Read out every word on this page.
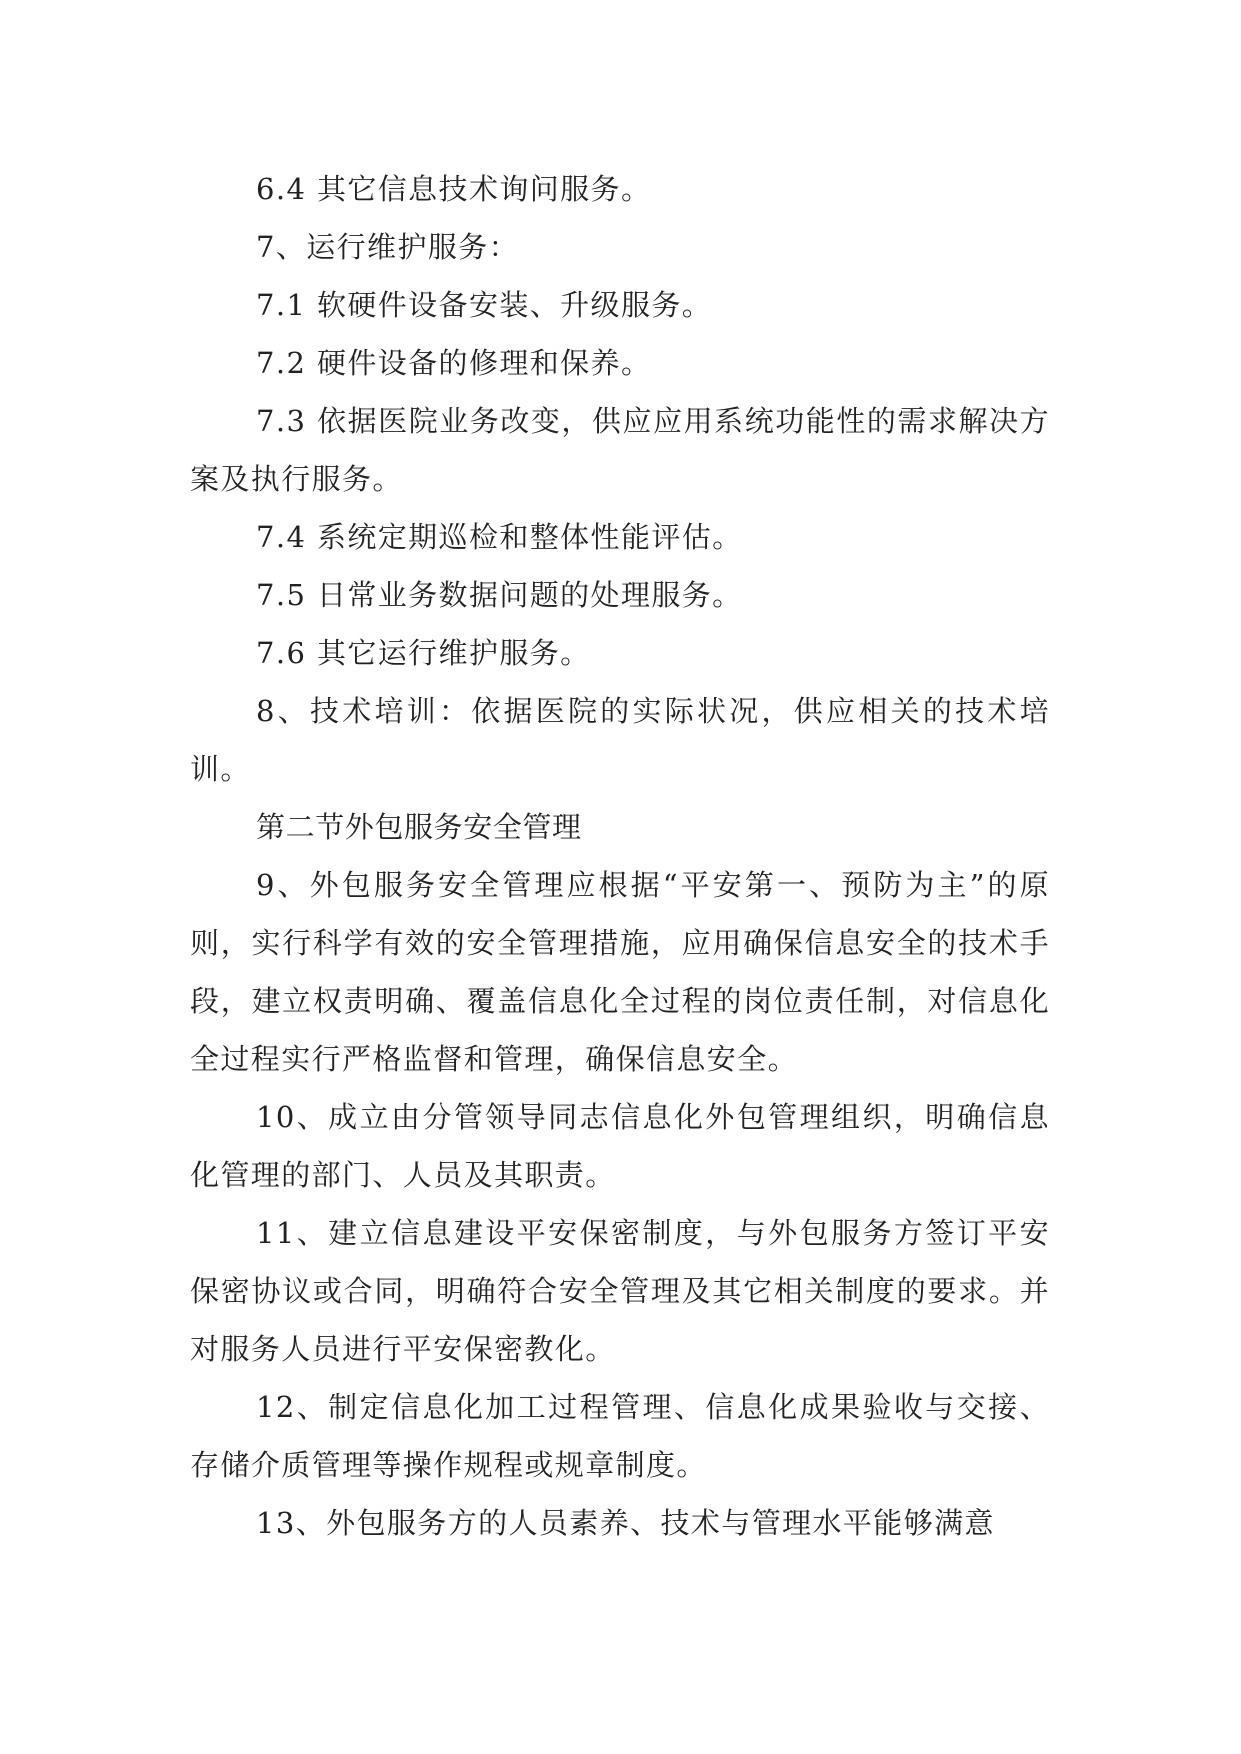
6.4 其它信息技术询问服务。

7、运行维护服务：

7.1 软硬件设备安装、升级服务。

7.2 硬件设备的修理和保养。

7.3 依据医院业务改变，供应应用系统功能性的需求解决方案及执行服务。

7.4 系统定期巡检和整体性能评估。

7.5 日常业务数据问题的处理服务。

7.6 其它运行维护服务。

8、技术培训：依据医院的实际状况，供应相关的技术培训。

第二节外包服务安全管理

9、外包服务安全管理应根据“平安第一、预防为主”的原则，实行科学有效的安全管理措施，应用确保信息安全的技术手段，建立权责明确、覆盖信息化全过程的岗位责任制，对信息化全过程实行严格监督和管理，确保信息安全。

10、成立由分管领导同志信息化外包管理组织，明确信息化管理的部门、人员及其职责。

11、建立信息建设平安保密制度，与外包服务方签订平安保密协议或合同，明确符合安全管理及其它相关制度的要求。并对服务人员进行平安保密教化。

12、制定信息化加工过程管理、信息化成果验收与交接、存储介质管理等操作规程或规章制度。

13、外包服务方的人员素养、技术与管理水平能够满意
